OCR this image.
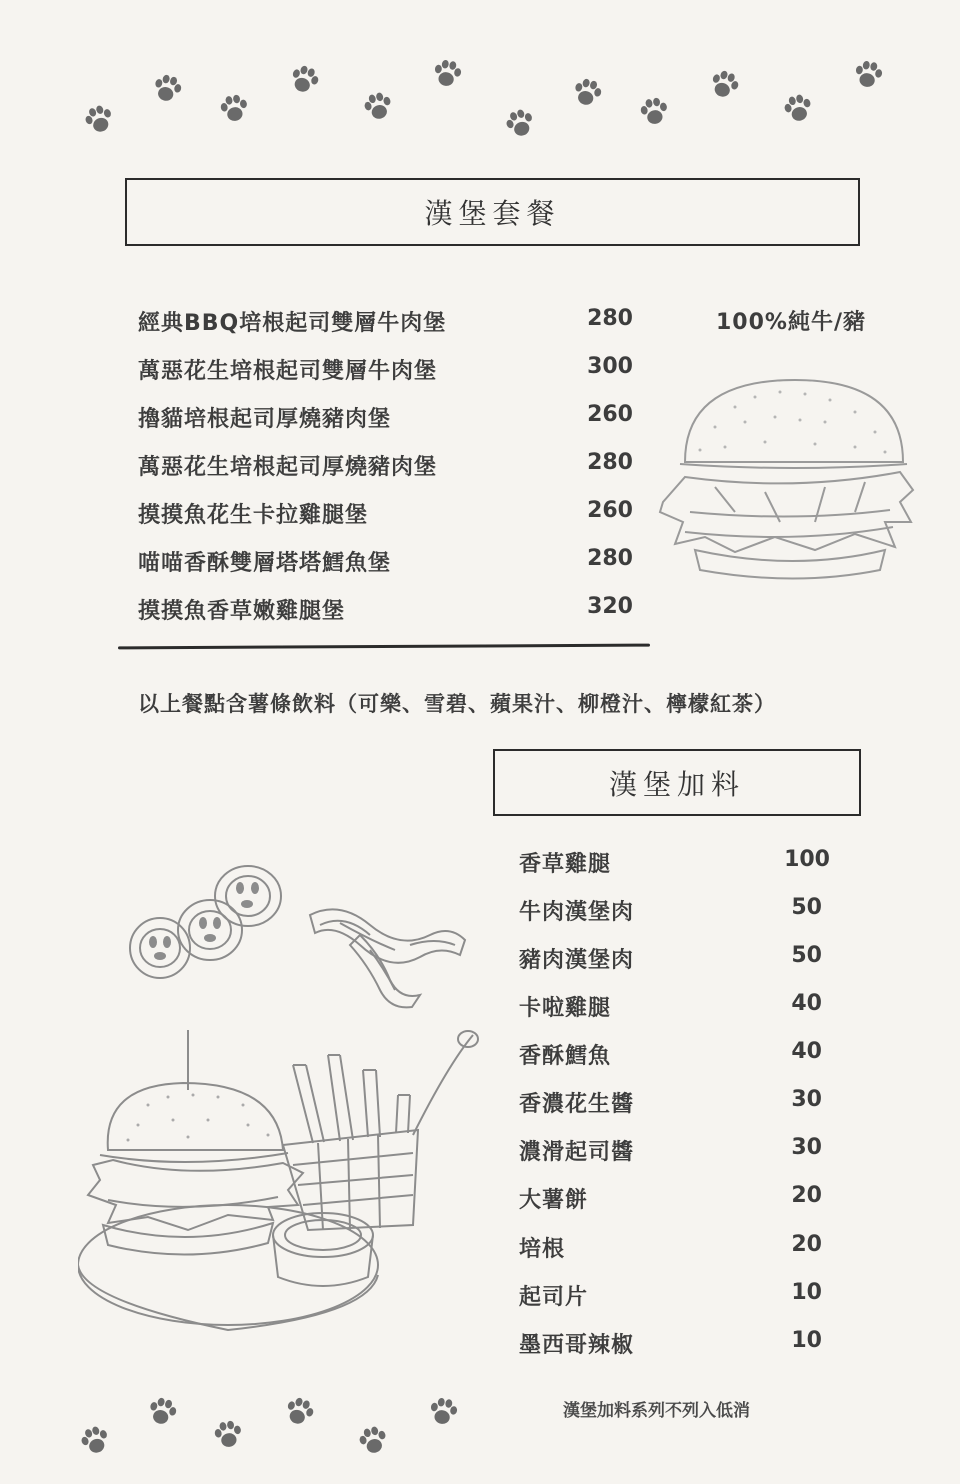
漢堡套餐
經典BBQ培根起司雙層牛肉堡	280
萬惡花生培根起司雙層牛肉堡	300
擼貓培根起司厚燒豬肉堡	260
萬惡花生培根起司厚燒豬肉堡	280
摸摸魚花生卡拉雞腿堡	260
喵喵香酥雙層塔塔鱈魚堡	280
摸摸魚香草嫩雞腿堡	320
100%純牛/豬
以上餐點含薯條飲料（可樂、雪碧、蘋果汁、柳橙汁、檸檬紅茶）
漢堡加料
香草雞腿	100
牛肉漢堡肉	50
豬肉漢堡肉	50
卡啦雞腿	40
香酥鱈魚	40
香濃花生醬	30
濃滑起司醬	30
大薯餅	20
培根	20
起司片	10
墨西哥辣椒	10
漢堡加料系列不列入低消
